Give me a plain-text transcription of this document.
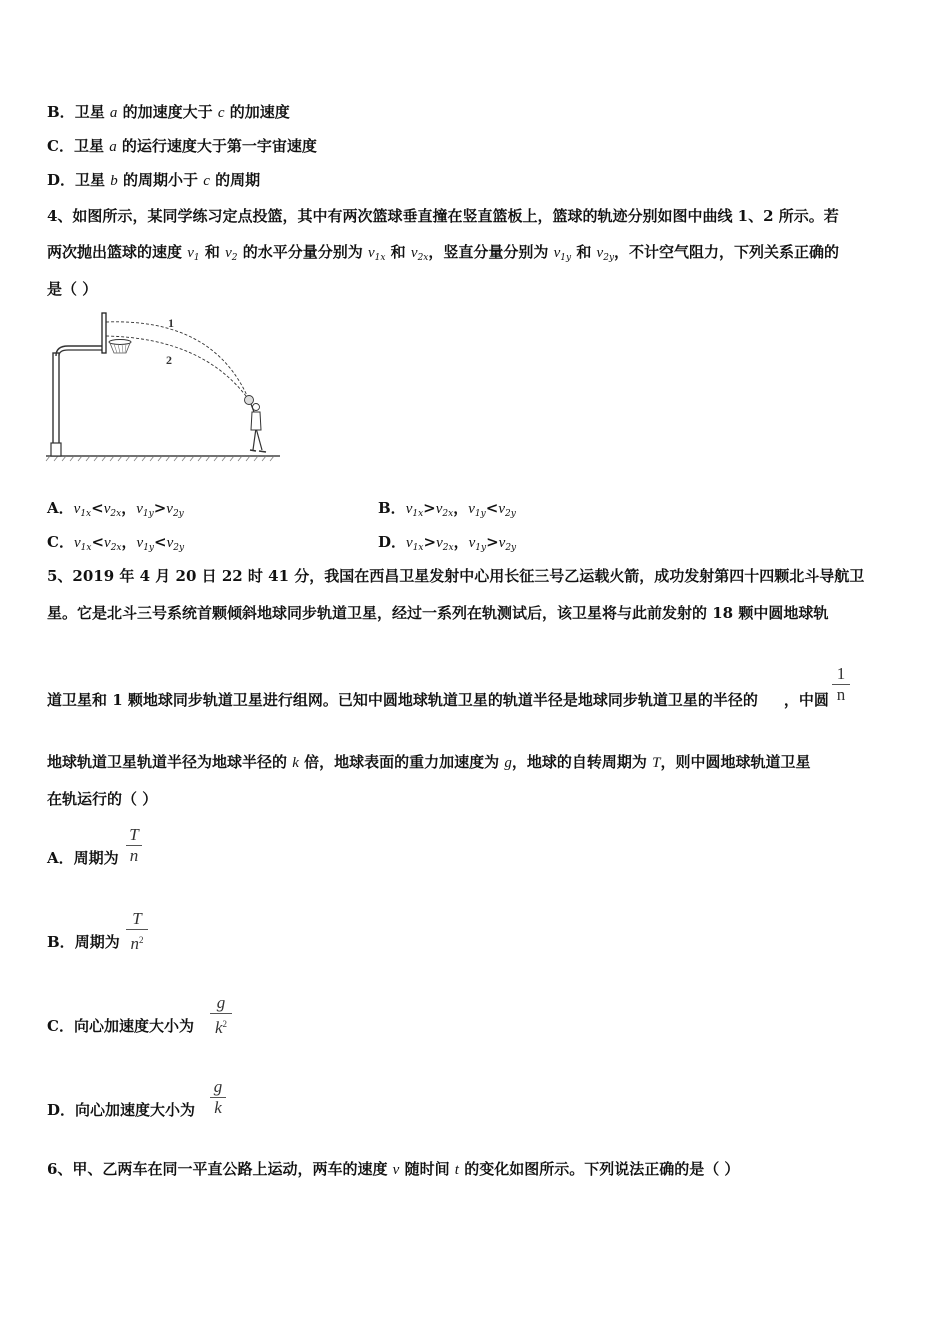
B．卫星 a 的加速度大于 c 的加速度
C．卫星 a 的运行速度大于第一宇宙速度
D．卫星 b 的周期小于 c 的周期
4、如图所示，某同学练习定点投篮，其中有两次篮球垂直撞在竖直篮板上，篮球的轨迹分别如图中曲线 1、2 所示。若
两次抛出篮球的速度 $v_1$ 和 $v_2$ 的水平分量分别为 $v_{1x}$ 和 $v_{2x}$，竖直分量分别为 $v_{1y}$ 和 $v_{2y}$，不计空气阻力，下列关系正确的
是（ ）
1
2
A．$v_{1x}<v_{2x}$，$v_{1y}>v_{2y}$	B．$v_{1x}>v_{2x}$，$v_{1y}<v_{2y}$
C．$v_{1x}<v_{2x}$，$v_{1y}<v_{2y}$	D．$v_{1x}>v_{2x}$，$v_{1y}>v_{2y}$
5、2019 年 4 月 20 日 22 时 41 分，我国在西昌卫星发射中心用长征三号乙运载火箭，成功发射第四十四颗北斗导航卫
星。它是北斗三号系统首颗倾斜地球同步轨道卫星，经过一系列在轨测试后，该卫星将与此前发射的 18 颗中圆地球轨
道卫星和 1 颗地球同步轨道卫星进行组网。已知中圆地球轨道卫星的轨道半径是地球同步轨道卫星的半径的 ，中圆
1
n
地球轨道卫星轨道半径为地球半径的 k 倍，地球表面的重力加速度为 g，地球的自转周期为 T，则中圆地球轨道卫星
在轨运行的（ ）
A．周期为
T
n
B．周期为
T
$n^2$
C．向心加速度大小为
g
$k^2$
D．向心加速度大小为
g
k
6、甲、乙两车在同一平直公路上运动，两车的速度 v 随时间 t 的变化如图所示。下列说法正确的是（ ）
